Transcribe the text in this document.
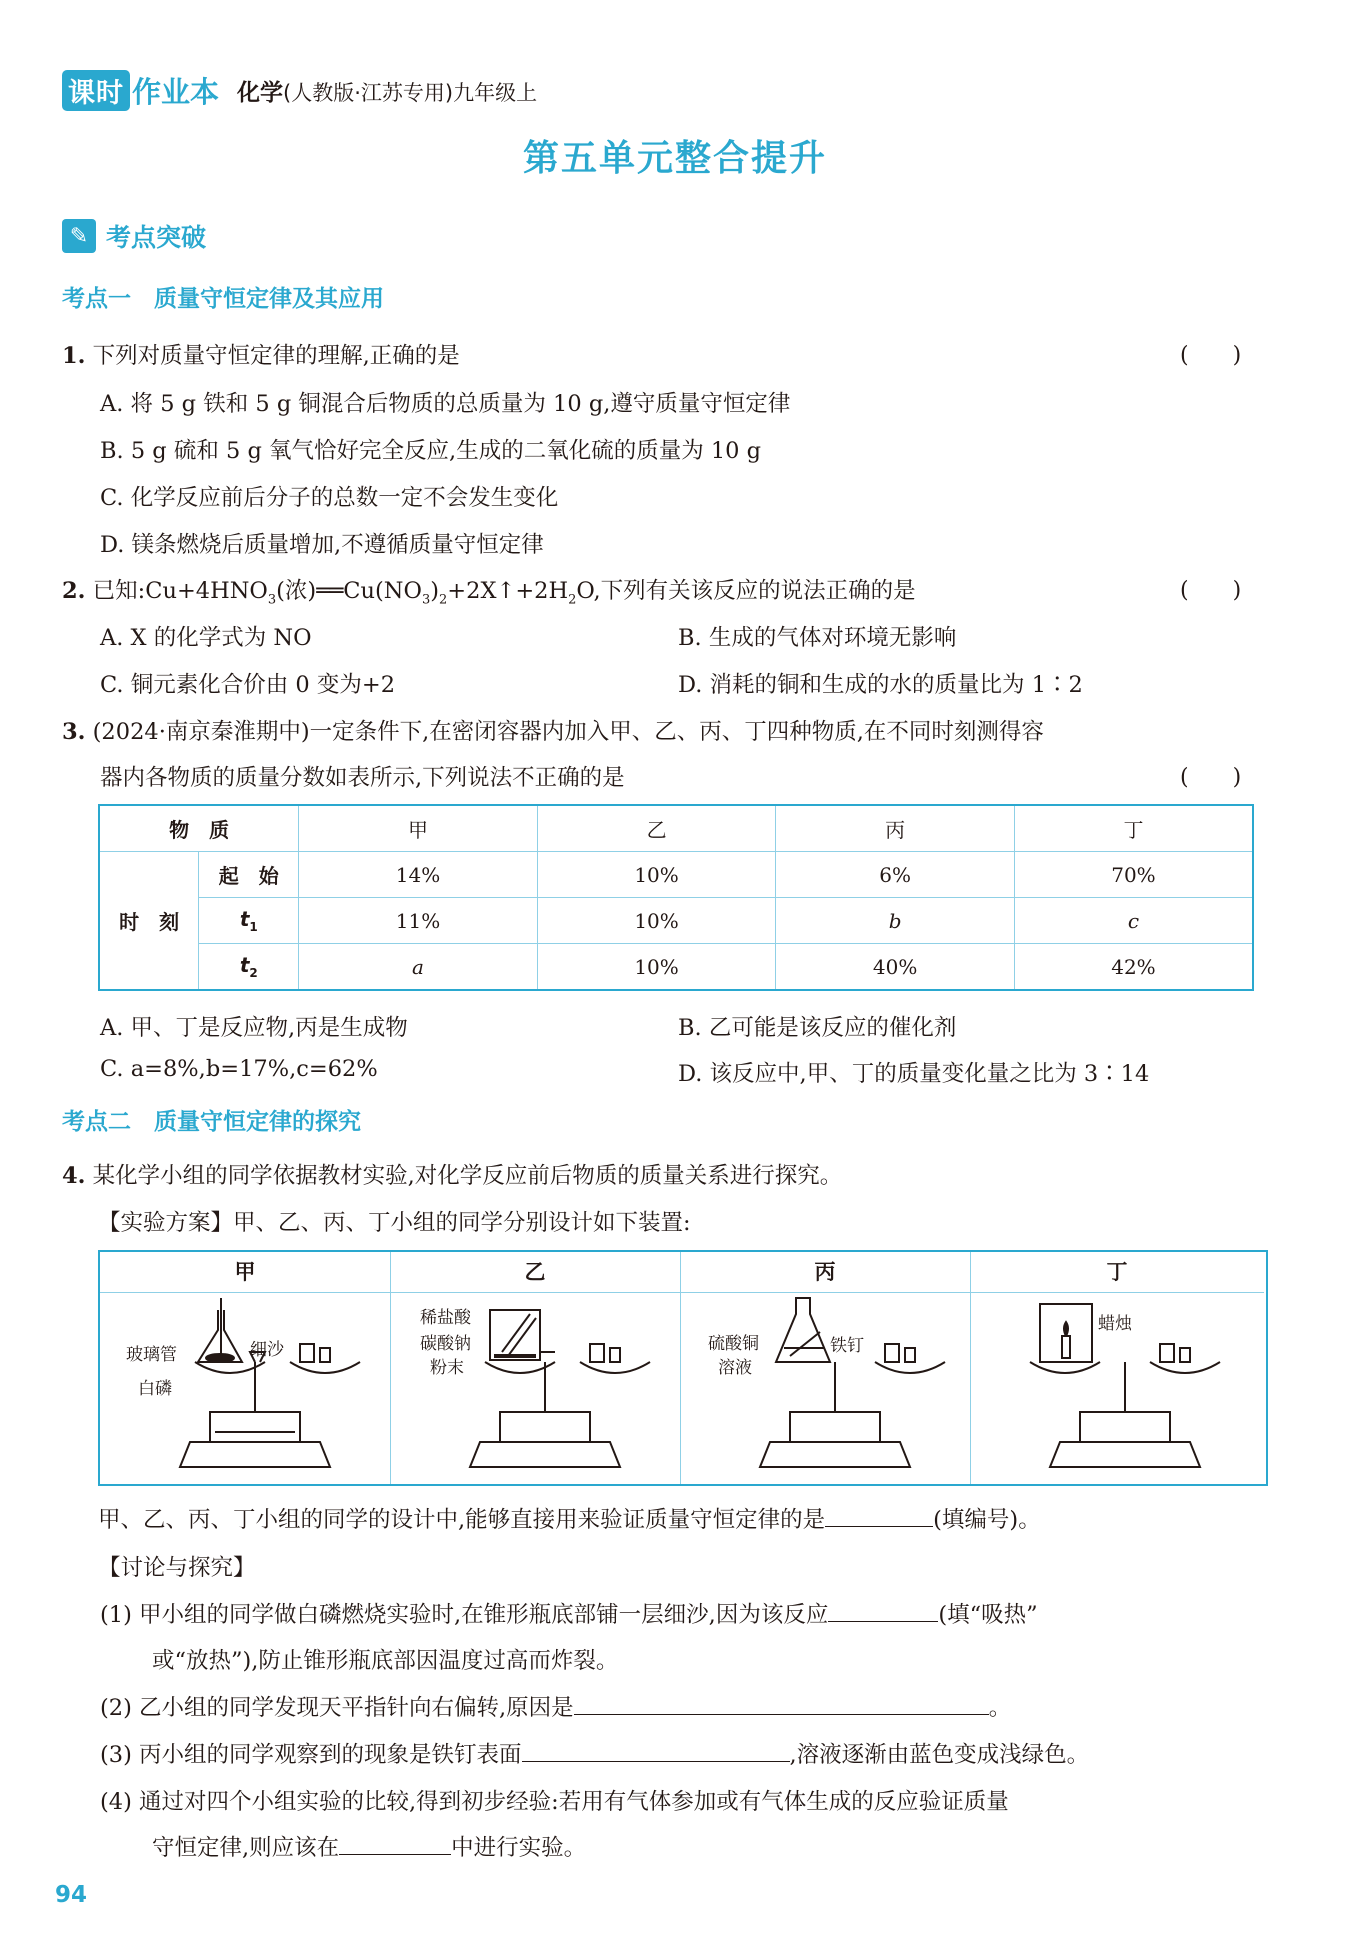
课时 作业本 化学(人教版·江苏专用)九年级上
第五单元整合提升
✎ 考点突破
考点一　质量守恒定律及其应用
1. 下列对质量守恒定律的理解,正确的是	(　　)
A. 将 5 g 铁和 5 g 铜混合后物质的总质量为 10 g,遵守质量守恒定律
B. 5 g 硫和 5 g 氧气恰好完全反应,生成的二氧化硫的质量为 10 g
C. 化学反应前后分子的总数一定不会发生变化
D. 镁条燃烧后质量增加,不遵循质量守恒定律
2. 已知$:Cu+4HNO_3$(浓)$══Cu(NO_3)_2+2X↑+2H_2O$,下列有关该反应的说法正确的是	(　　)
A. X 的化学式为 NO	B. 生成的气体对环境无影响
C. 铜元素化合价由 0 变为+2	D. 消耗的铜和生成的水的质量比为 1∶2
3. (2024·南京秦淮期中)一定条件下,在密闭容器内加入甲、乙、丙、丁四种物质,在不同时刻测得容
器内各物质的质量分数如表所示,下列说法不正确的是	(　　)
物　质		甲	乙	丙	丁
时　刻	起　始	14%	10%	6%	70%
	$t_1$	11%	10%	b	c
	$t_2$	a	10%	40%	42%
A. 甲、丁是反应物,丙是生成物	B. 乙可能是该反应的催化剂
C. a=8%,b=17%,c=62%	D. 该反应中,甲、丁的质量变化量之比为 3∶14
考点二　质量守恒定律的探究
4. 某化学小组的同学依据教材实验,对化学反应前后物质的质量关系进行探究。
【实验方案】甲、乙、丙、丁小组的同学分别设计如下装置:
甲
玻璃管	细沙
白磷
乙
稀盐酸
碳酸钠
粉末
丙
硫酸铜
溶液
铁钉
丁
蜡烛
甲、乙、丙、丁小组的同学的设计中,能够直接用来验证质量守恒定律的是	(填编号)。
【讨论与探究】
(1) 甲小组的同学做白磷燃烧实验时,在锥形瓶底部铺一层细沙,因为该反应	(填“吸热”
或“放热”),防止锥形瓶底部因温度过高而炸裂。
(2) 乙小组的同学发现天平指针向右偏转,原因是	。
(3) 丙小组的同学观察到的现象是铁钉表面	,溶液逐渐由蓝色变成浅绿色。
(4) 通过对四个小组实验的比较,得到初步经验:若用有气体参加或有气体生成的反应验证质量
守恒定律,则应该在	中进行实验。
94
